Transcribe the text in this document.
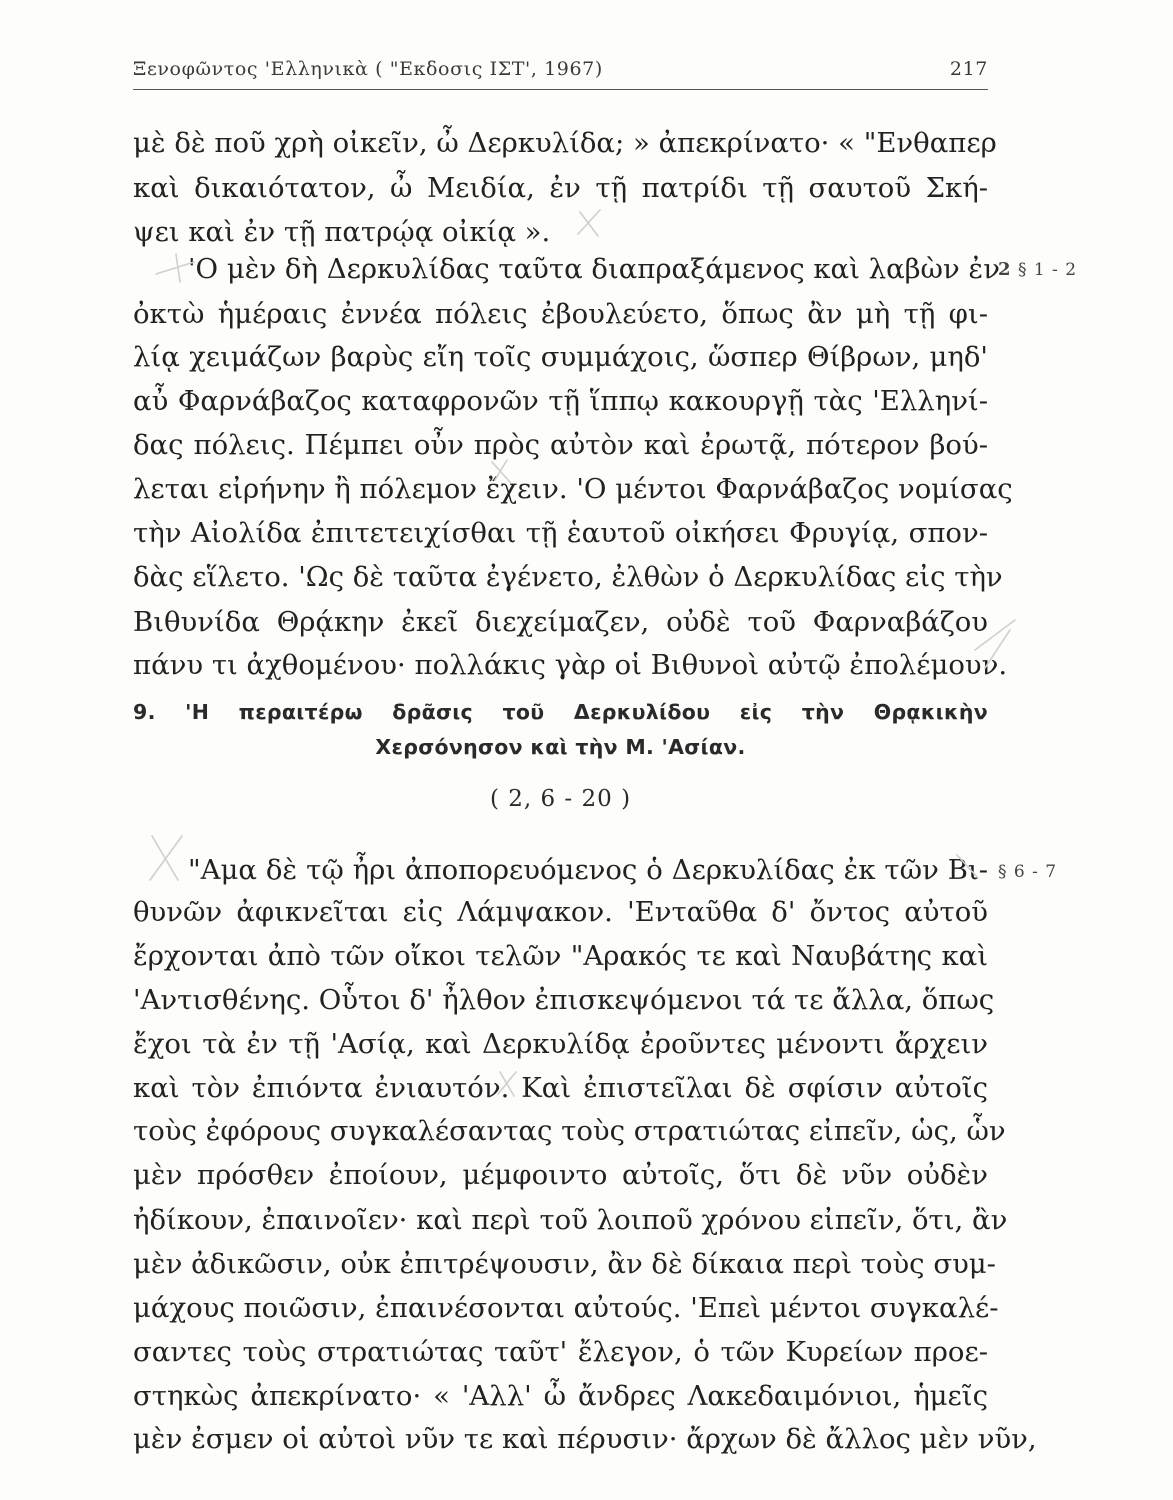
Ξενοφῶντος 'Ελληνικὰ ( "Εκδοσις ΙΣΤ', 1967)	217
μὲ δὲ ποῦ χρὴ οἰκεῖν, ὦ Δερκυλίδα; » ἀπεκρίνατο· « "Ενθαπερ
καὶ δικαιότατον, ὦ Μειδία, ἐν τῇ πατρίδι τῇ σαυτοῦ Σκή-
ψει καὶ ἐν τῇ πατρῴᾳ οἰκίᾳ ».
'Ο μὲν δὴ Δερκυλίδας ταῦτα διαπραξάμενος καὶ λαβὼν ἐν
2 § 1 - 2
ὀκτὼ ἡμέραις ἐννέα πόλεις ἐβουλεύετο, ὅπως ἂν μὴ τῇ φι-
λίᾳ χειμάζων βαρὺς εἴη τοῖς συμμάχοις, ὥσπερ Θίβρων, μηδ'
αὖ Φαρνάβαζος καταφρονῶν τῇ ἵππῳ κακουργῇ τὰς 'Ελληνί-
δας πόλεις. Πέμπει οὖν πρὸς αὐτὸν καὶ ἐρωτᾷ, πότερον βού-
λεται εἰρήνην ἢ πόλεμον ἔχειν. 'Ο μέντοι Φαρνάβαζος νομίσας
τὴν Αἰολίδα ἐπιτετειχίσθαι τῇ ἑαυτοῦ οἰκήσει Φρυγίᾳ, σπον-
δὰς εἵλετο. 'Ως δὲ ταῦτα ἐγένετο, ἐλθὼν ὁ Δερκυλίδας εἰς τὴν
Βιθυνίδα Θρᾴκην ἐκεῖ διεχείμαζεν, οὐδὲ τοῦ Φαρναβάζου
πάνυ τι ἀχθομένου· πολλάκις γὰρ οἱ Βιθυνοὶ αὐτῷ ἐπολέμουν.
9. 'Η περαιτέρω δρᾶσις τοῦ Δερκυλίδου εἰς τὴν Θρᾳκικὴν
Χερσόνησον καὶ τὴν Μ. 'Ασίαν.
( 2, 6 - 20 )
"Αμα δὲ τῷ ἦρι ἀποπορευόμενος ὁ Δερκυλίδας ἐκ τῶν Βι- § 6 - 7
θυνῶν ἀφικνεῖται εἰς Λάμψακον. 'Ενταῦθα δ' ὄντος αὐτοῦ
ἔρχονται ἀπὸ τῶν οἴκοι τελῶν "Αρακός τε καὶ Ναυβάτης καὶ
'Αντισθένης. Οὗτοι δ' ἦλθον ἐπισκεψόμενοι τά τε ἄλλα, ὅπως
ἔχοι τὰ ἐν τῇ 'Ασίᾳ, καὶ Δερκυλίδᾳ ἐροῦντες μένοντι ἄρχειν
καὶ τὸν ἐπιόντα ἐνιαυτόν. Καὶ ἐπιστεῖλαι δὲ σφίσιν αὐτοῖς
τοὺς ἐφόρους συγκαλέσαντας τοὺς στρατιώτας εἰπεῖν, ὡς, ὧν
μὲν πρόσθεν ἐποίουν, μέμφοιντο αὐτοῖς, ὅτι δὲ νῦν οὐδὲν
ἠδίκουν, ἐπαινοῖεν· καὶ περὶ τοῦ λοιποῦ χρόνου εἰπεῖν, ὅτι, ἂν
μὲν ἀδικῶσιν, οὐκ ἐπιτρέψουσιν, ἂν δὲ δίκαια περὶ τοὺς συμ-
μάχους ποιῶσιν, ἐπαινέσονται αὐτούς. 'Επεὶ μέντοι συγκαλέ-
σαντες τοὺς στρατιώτας ταῦτ' ἔλεγον, ὁ τῶν Κυρείων προε-
στηκὼς ἀπεκρίνατο· « 'Αλλ' ὦ ἄνδρες Λακεδαιμόνιοι, ἡμεῖς
μὲν ἐσμεν οἱ αὐτοὶ νῦν τε καὶ πέρυσιν· ἄρχων δὲ ἄλλος μὲν νῦν,
